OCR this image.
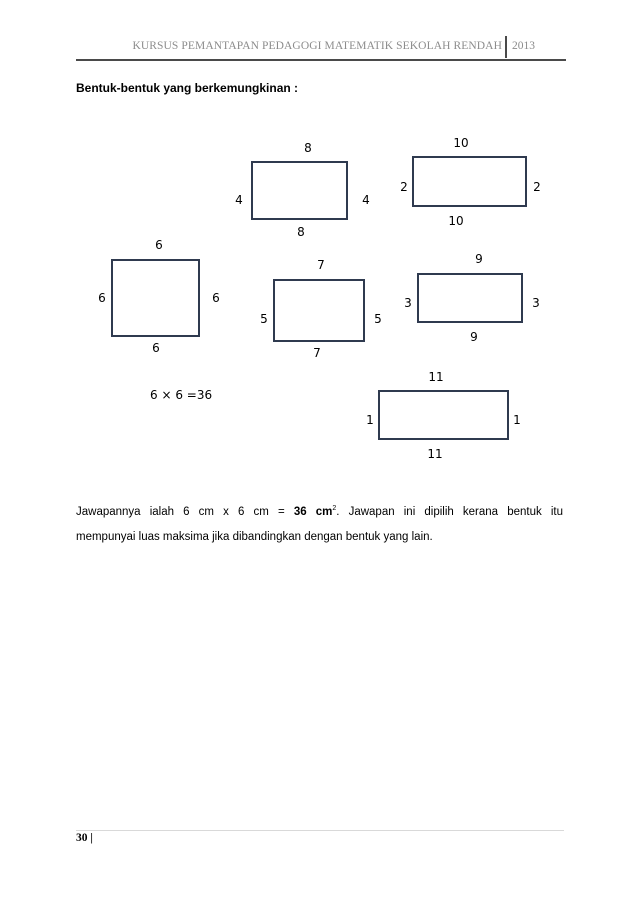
KURSUS PEMANTAPAN PEDAGOGI MATEMATIK SEKOLAH RENDAH 2013
Bentuk-bentuk yang berkemungkinan :
8
8
4	4
10
10
2	2
6
6
6	6
7
7
5	5
9
9
3	3
11
11
1	1
6 × 6 =36
Jawapannya ialah 6 cm x 6 cm = 36 $cm^2$. Jawapan ini dipilih kerana bentuk itu
mempunyai luas maksima jika dibandingkan dengan bentuk yang lain.
30 |
